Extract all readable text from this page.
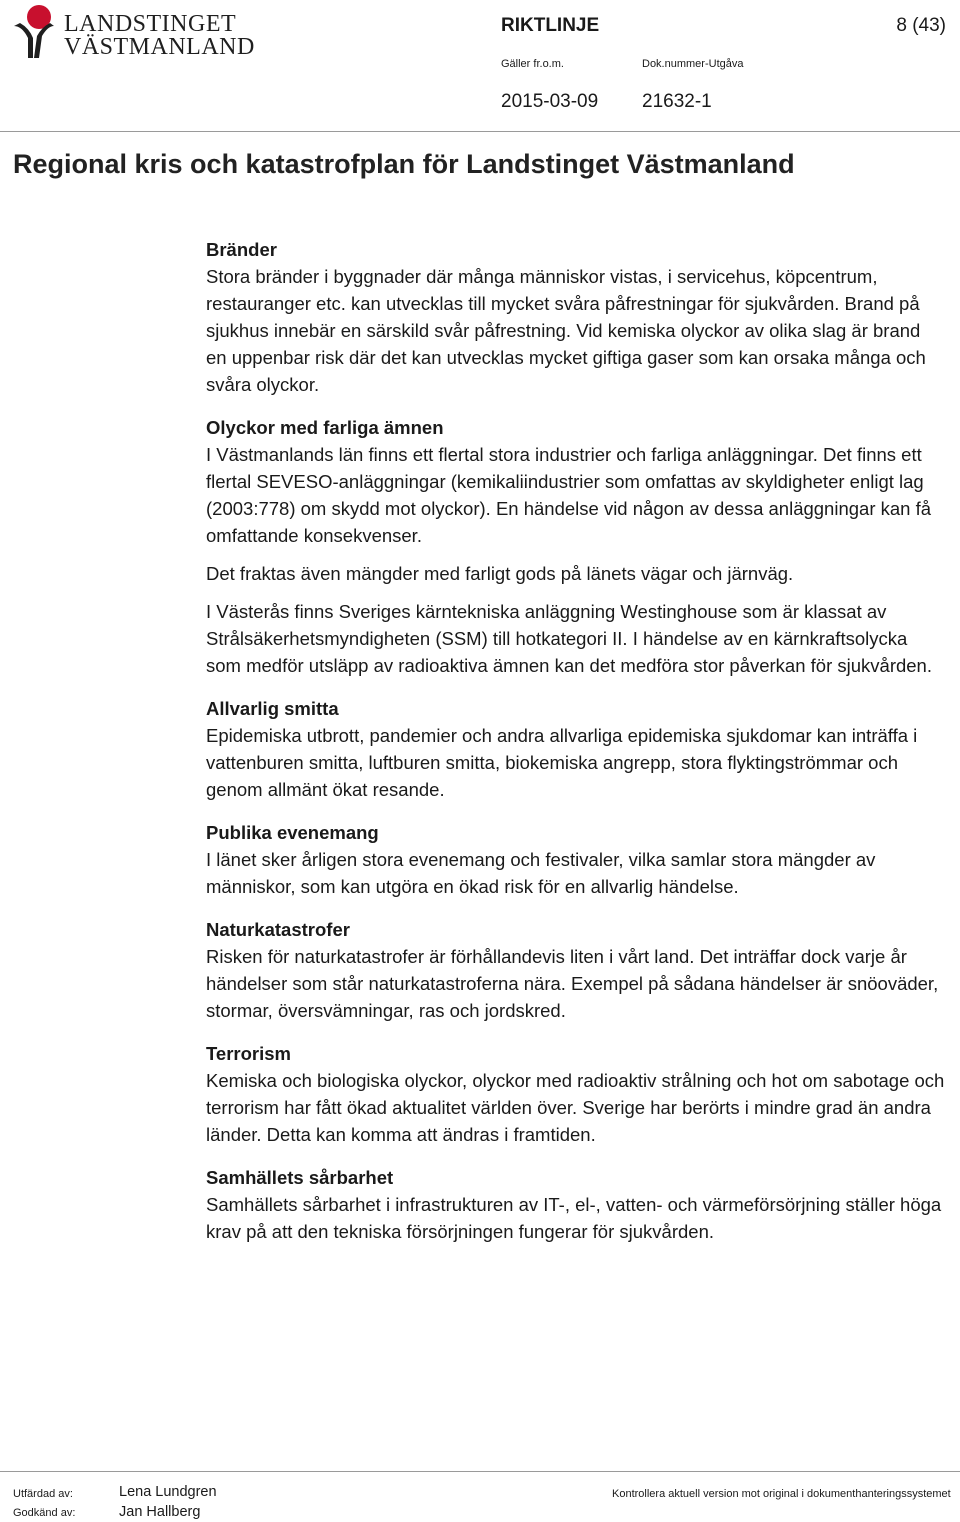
LANDSTINGET
VÄSTMANLAND
RIKTLINJE	8 (43)
Gäller fr.o.m.	Dok.nummer-Utgåva
2015-03-09 21632-1
Regional kris och katastrofplan för Landstinget Västmanland
Bränder

Stora bränder i byggnader där många människor vistas, i servicehus, köpcentrum, restauranger etc. kan utvecklas till mycket svåra påfrestningar för sjukvården. Brand på sjukhus innebär en särskild svår påfrestning. Vid kemiska olyckor av olika slag är brand en uppenbar risk där det kan utvecklas mycket giftiga gaser som kan orsaka många och svåra olyckor.

Olyckor med farliga ämnen

I Västmanlands län finns ett flertal stora industrier och farliga anläggningar. Det finns ett flertal SEVESO-anläggningar (kemikaliindustrier som omfattas av skyldigheter enligt lag (2003:778) om skydd mot olyckor). En händelse vid någon av dessa anläggningar kan få omfattande konsekvenser.

Det fraktas även mängder med farligt gods på länets vägar och järnväg.

I Västerås finns Sveriges kärntekniska anläggning Westinghouse som är klassat av Strålsäkerhetsmyndigheten (SSM) till hotkategori II. I händelse av en kärnkraftsolycka som medför utsläpp av radioaktiva ämnen kan det medföra stor påverkan för sjukvården.

Allvarlig smitta

Epidemiska utbrott, pandemier och andra allvarliga epidemiska sjukdomar kan inträffa i vattenburen smitta, luftburen smitta, biokemiska angrepp, stora flyktingströmmar och genom allmänt ökat resande.

Publika evenemang

I länet sker årligen stora evenemang och festivaler, vilka samlar stora mängder av människor, som kan utgöra en ökad risk för en allvarlig händelse.

Naturkatastrofer

Risken för naturkatastrofer är förhållandevis liten i vårt land. Det inträffar dock varje år händelser som står naturkatastroferna nära. Exempel på sådana händelser är snöoväder, stormar, översvämningar, ras och jordskred.

Terrorism

Kemiska och biologiska olyckor, olyckor med radioaktiv strålning och hot om sabotage och terrorism har fått ökad aktualitet världen över. Sverige har berörts i mindre grad än andra länder. Detta kan komma att ändras i framtiden.

Samhällets sårbarhet

Samhällets sårbarhet i infrastrukturen av IT-, el-, vatten- och värmeförsörjning ställer höga krav på att den tekniska försörjningen fungerar för sjukvården.

Utfärdad av:	Lena Lundgren
Godkänd av:	Jan Hallberg
Kontrollera aktuell version mot original i dokumenthanteringssystemet
